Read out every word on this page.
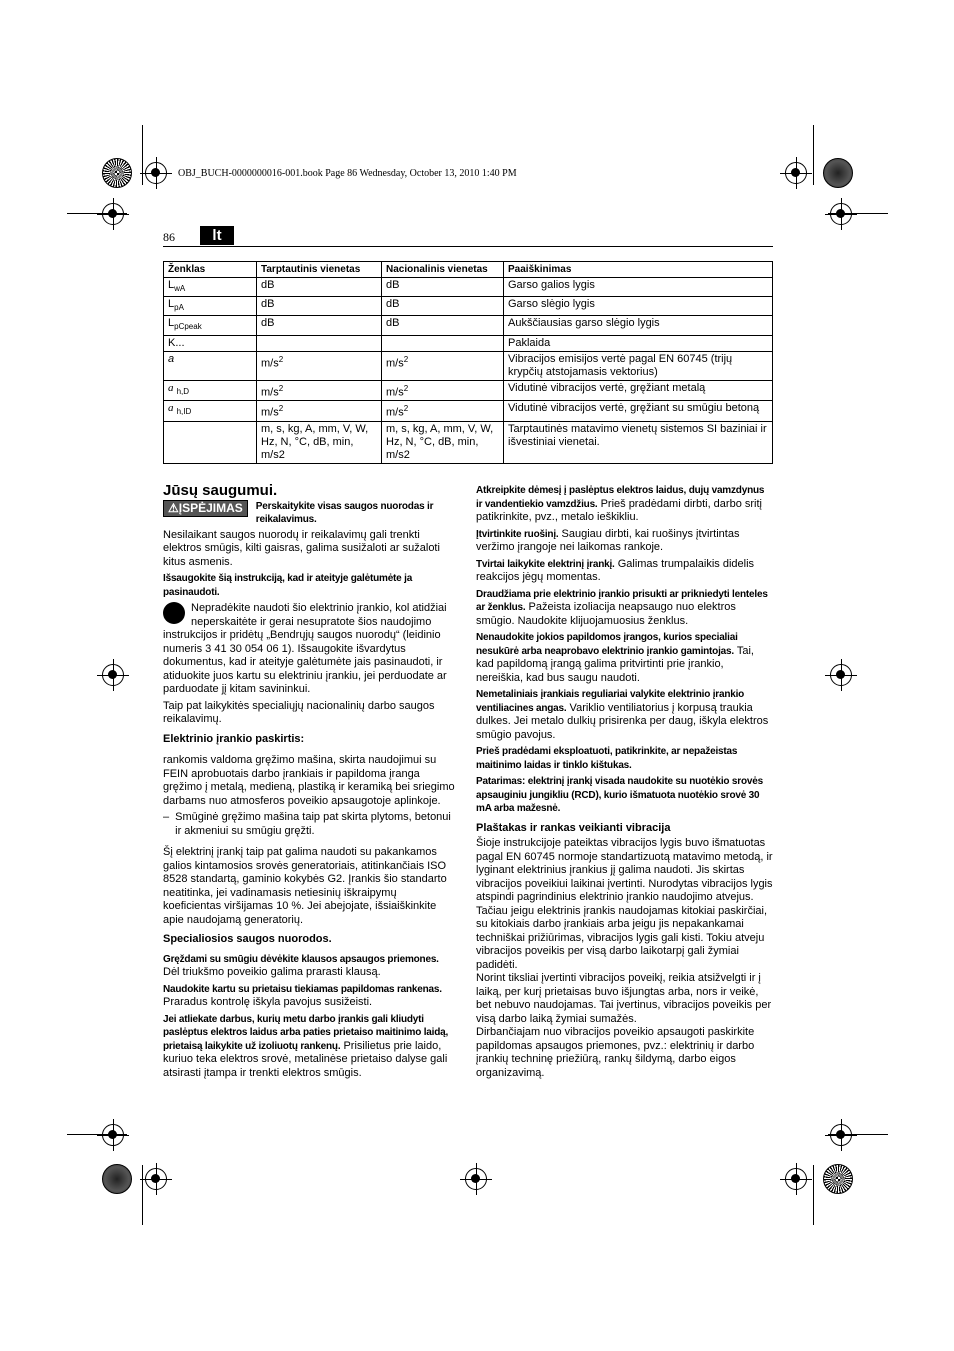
OBJ_BUCH-0000000016-001.book Page 86 Wednesday, October 13, 2010 1:40 PM
86	lt
Ženklas	Tarptautinis vienetas	Nacionalinis vienetas	Paaiškinimas
$L_{wA}$	dB	dB	Garso galios lygis
$L_{pA}$	dB	dB	Garso slėgio lygis
$L_{pCpeak}$	dB	dB	Aukščiausias garso slėgio lygis
K...			Paklaida
a	$m/s^2$	$m/s^2$	Vibracijos emisijos vertė pagal EN 60745 (trijų krypčių atstojamasis vektorius)
a $_{h,D}$	$m/s^2$	$m/s^2$	Vidutinė vibracijos vertė, gręžiant metalą
a $_{h,ID}$	$m/s^2$	$m/s^2$	Vidutinė vibracijos vertė, gręžiant su smūgiu betoną
	m, s, kg, A, mm, V, W, Hz, N, °C, dB, min, m/s2	m, s, kg, A, mm, V, W, Hz, N, °C, dB, min, m/s2	Tarptautinės matavimo vienetų sistemos SI baziniai ir išvestiniai vienetai.
Jūsų saugumui.
⚠ĮSPĖJIMAS	Perskaitykite visas saugos nuorodas ir reikalavimus.

Nesilaikant saugos nuorodų ir reikalavimų gali trenkti elektros smūgis, kilti gaisras, galima susižaloti ar sužaloti kitus asmenis.

Išsaugokite šią instrukciją, kad ir ateityje galėtumėte ja pasinaudoti.

Nepradėkite naudoti šio elektrinio įrankio, kol atidžiai neperskaitėte ir gerai nesupratote šios naudojimo instrukcijos ir pridėtų „Bendrųjų saugos nuorodų“ (leidinio numeris 3 41 30 054 06 1). Išsaugokite išvardytus dokumentus, kad ir ateityje galėtumėte jais pasinaudoti, ir atiduokite juos kartu su elektriniu įrankiu, jei perduodate ar parduodate jį kitam savininkui.

Taip pat laikykitės specialiųjų nacionalinių darbo saugos reikalavimų.

Elektrinio įrankio paskirtis:

rankomis valdoma gręžimo mašina, skirta naudojimui su FEIN aprobuotais darbo įrankiais ir papildoma įranga gręžimo į metalą, medieną, plastiką ir keramiką bei sriegimo darbams nuo atmosferos poveikio apsaugotoje aplinkoje.

– Smūginė gręžimo mašina taip pat skirta plytoms, betonui ir akmeniui su smūgiu gręžti.

Šį elektrinį įrankį taip pat galima naudoti su pakankamos galios kintamosios srovės generatoriais, atitinkančiais ISO 8528 standartą, gaminio kokybės G2. Įrankis šio standarto neatitinka, jei vadinamasis netiesinių iškraipymų koeficientas viršijamas 10 %. Jei abejojate, išsiaiškinkite apie naudojamą generatorių.

Specialiosios saugos nuorodos.

Gręždami su smūgiu dėvėkite klausos apsaugos priemones. Dėl triukšmo poveikio galima prarasti klausą.

Naudokite kartu su prietaisu tiekiamas papildomas rankenas. Praradus kontrolę iškyla pavojus susižeisti.

Jei atliekate darbus, kurių metu darbo įrankis gali kliudyti paslėptus elektros laidus arba paties prietaiso maitinimo laidą, prietaisą laikykite už izoliuotų rankenų. Prisilietus prie laido, kuriuo teka elektros srovė, metalinėse prietaiso dalyse gali atsirasti įtampa ir trenkti elektros smūgis.

Atkreipkite dėmesį į paslėptus elektros laidus, dujų vamzdynus ir vandentiekio vamzdžius. Prieš pradėdami dirbti, darbo sritį patikrinkite, pvz., metalo ieškikliu.

Įtvirtinkite ruošinį. Saugiau dirbti, kai ruošinys įtvirtintas veržimo įrangoje nei laikomas rankoje.

Tvirtai laikykite elektrinį įrankį. Galimas trumpalaikis didelis reakcijos jėgų momentas.

Draudžiama prie elektrinio įrankio prisukti ar prikniedyti lenteles ar ženklus. Pažeista izoliacija neapsaugo nuo elektros smūgio. Naudokite klijuojamuosius ženklus.

Nenaudokite jokios papildomos įrangos, kurios specialiai nesukūrė arba neaprobavo elektrinio įrankio gamintojas. Tai, kad papildomą įrangą galima pritvirtinti prie įrankio, nereiškia, kad bus saugu naudoti.

Nemetaliniais įrankiais reguliariai valykite elektrinio įrankio ventiliacines angas. Variklio ventiliatorius į korpusą traukia dulkes. Jei metalo dulkių prisirenka per daug, iškyla elektros smūgio pavojus.

Prieš pradėdami eksploatuoti, patikrinkite, ar nepažeistas maitinimo laidas ir tinklo kištukas.

Patarimas: elektrinį įrankį visada naudokite su nuotėkio srovės apsauginiu jungikliu (RCD), kurio išmatuota nuotėkio srovė 30 mA arba mažesnė.

Plaštakas ir rankas veikianti vibracija

Šioje instrukcijoje pateiktas vibracijos lygis buvo išmatuotas pagal EN 60745 normoje standartizuotą matavimo metodą, ir lyginant elektrinius įrankius jį galima naudoti. Jis skirtas vibracijos poveikiui laikinai įvertinti. Nurodytas vibracijos lygis atspindi pagrindinius elektrinio įrankio naudojimo atvejus. Tačiau jeigu elektrinis įrankis naudojamas kitokiai paskirčiai, su kitokiais darbo įrankiais arba jeigu jis nepakankamai techniškai prižiūrimas, vibracijos lygis gali kisti. Tokiu atveju vibracijos poveikis per visą darbo laikotarpį gali žymiai padidėti.

Norint tiksliai įvertinti vibracijos poveikį, reikia atsižvelgti ir į laiką, per kurį prietaisas buvo išjungtas arba, nors ir veikė, bet nebuvo naudojamas. Tai įvertinus, vibracijos poveikis per visą darbo laiką žymiai sumažės.

Dirbančiajam nuo vibracijos poveikio apsaugoti paskirkite papildomas apsaugos priemones, pvz.: elektrinių ir darbo įrankių techninę priežiūrą, rankų šildymą, darbo eigos organizavimą.
